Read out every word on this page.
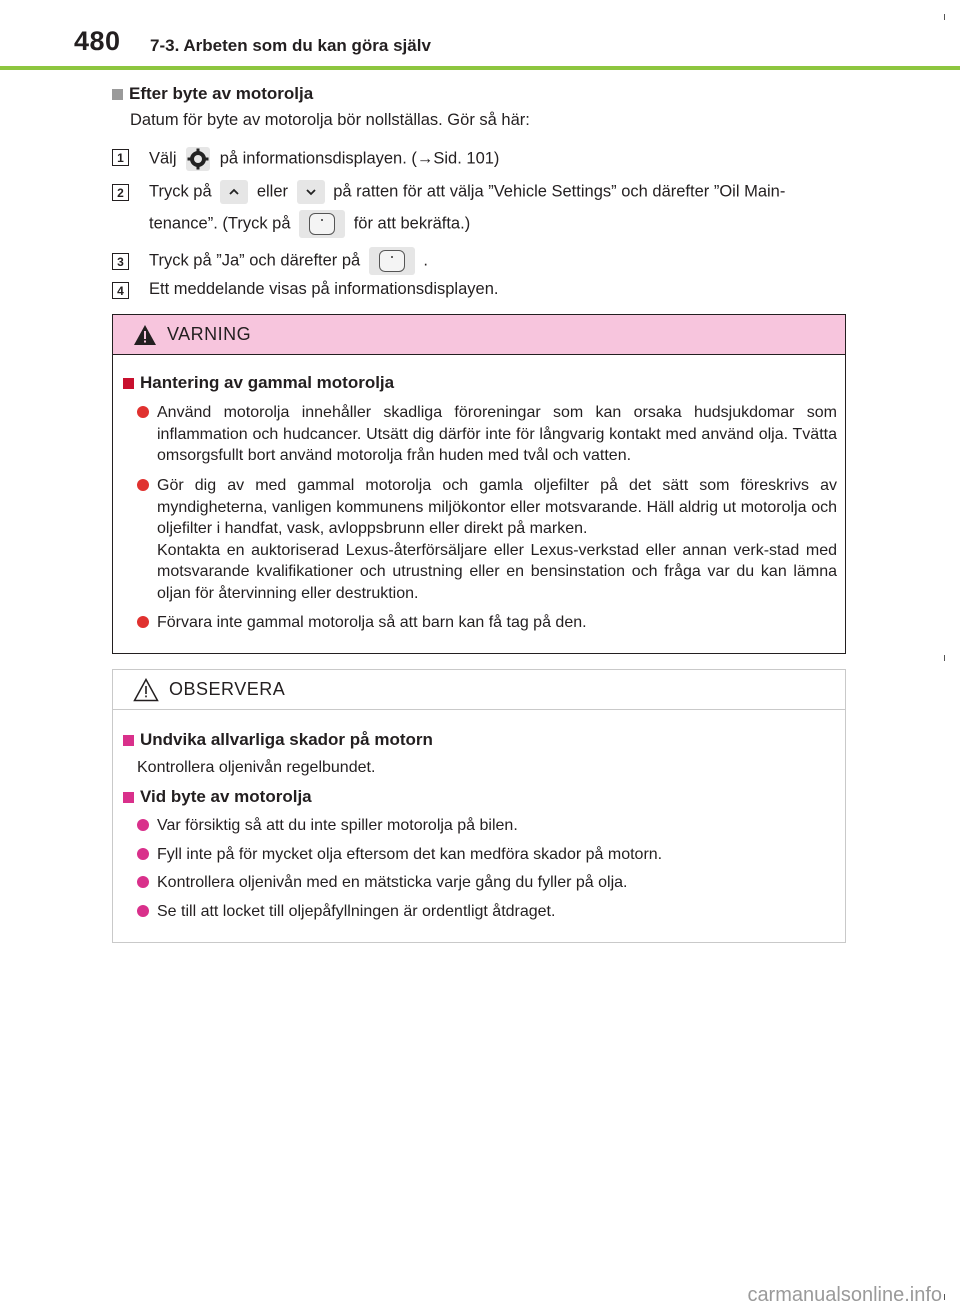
480 7-3. Arbeten som du kan göra själv
Efter byte av motorolja
Datum för byte av motorolja bör nollställas. Gör så här:
1	Välj	på informationsdisplayen. (→Sid. 101)
2	Tryck på	eller	på ratten för att välja ”Vehicle Settings” och därefter ”Oil Main-
tenance”. (Tryck på	för att bekräfta.)
3	Tryck på ”Ja” och därefter på	.
4	Ett meddelande visas på informationsdisplayen.
VARNING
Hantering av gammal motorolja
Använd motorolja innehåller skadliga föroreningar som kan orsaka hudsjukdomar som inflammation och hudcancer. Utsätt dig därför inte för långvarig kontakt med använd olja. Tvätta omsorgsfullt bort använd motorolja från huden med tvål och vatten.
Gör dig av med gammal motorolja och gamla oljefilter på det sätt som föreskrivs av myndigheterna, vanligen kommunens miljökontor eller motsvarande. Häll aldrig ut motorolja och oljefilter i handfat, vask, avloppsbrunn eller direkt på marken.
Kontakta en auktoriserad Lexus-återförsäljare eller Lexus-verkstad eller annan verk-stad med motsvarande kvalifikationer och utrustning eller en bensinstation och fråga var du kan lämna oljan för återvinning eller destruktion.
Förvara inte gammal motorolja så att barn kan få tag på den.
OBSERVERA
Undvika allvarliga skador på motorn
Kontrollera oljenivån regelbundet.
Vid byte av motorolja
Var försiktig så att du inte spiller motorolja på bilen.
Fyll inte på för mycket olja eftersom det kan medföra skador på motorn.
Kontrollera oljenivån med en mätsticka varje gång du fyller på olja.
Se till att locket till oljepåfyllningen är ordentligt åtdraget.
carmanualsonline.info
